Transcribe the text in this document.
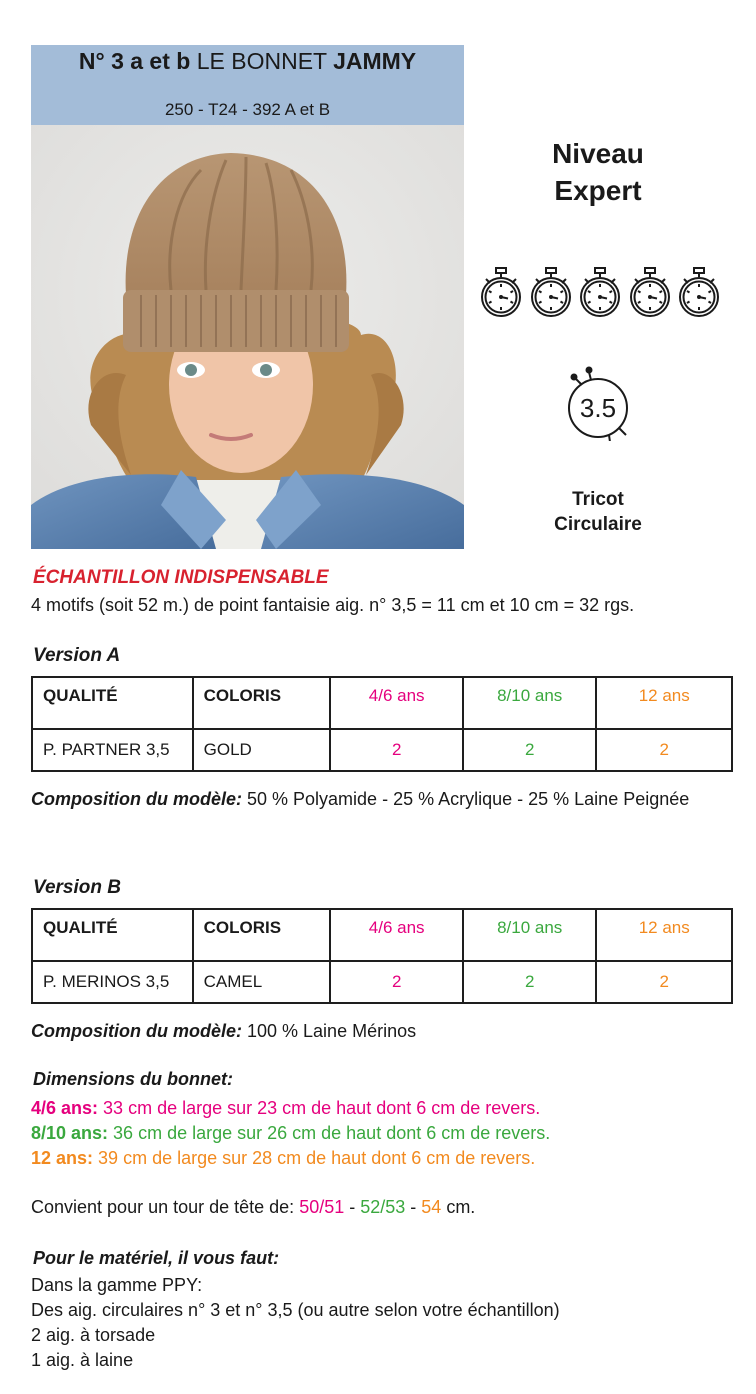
N° 3 a et b LE BONNET JAMMY
250 - T24 - 392 A et B
Niveau
Expert
3.5
Tricot
Circulaire
ÉCHANTILLON INDISPENSABLE
4 motifs (soit 52 m.) de point fantaisie aig. n° 3,5 = 11 cm et 10 cm = 32 rgs.
Version A
QUALITÉ	COLORIS	4/6 ans	8/10 ans	12 ans
P. PARTNER 3,5	GOLD	2	2	2
Composition du modèle: 50 % Polyamide - 25 % Acrylique - 25 % Laine Peignée
Version B
QUALITÉ	COLORIS	4/6 ans	8/10 ans	12 ans
P. MERINOS 3,5	CAMEL	2	2	2
Composition du modèle: 100 % Laine Mérinos
Dimensions du bonnet:
4/6 ans: 33 cm de large sur 23 cm de haut dont 6 cm de revers.
8/10 ans: 36 cm de large sur 26 cm de haut dont 6 cm de revers.
12 ans: 39 cm de large sur 28 cm de haut dont 6 cm de revers.
Convient pour un tour de tête de: 50/51 - 52/53 - 54 cm.
Pour le matériel, il vous faut:
Dans la gamme PPY:
Des aig. circulaires n° 3 et n° 3,5 (ou autre selon votre échantillon)
2 aig. à torsade
1 aig. à laine
